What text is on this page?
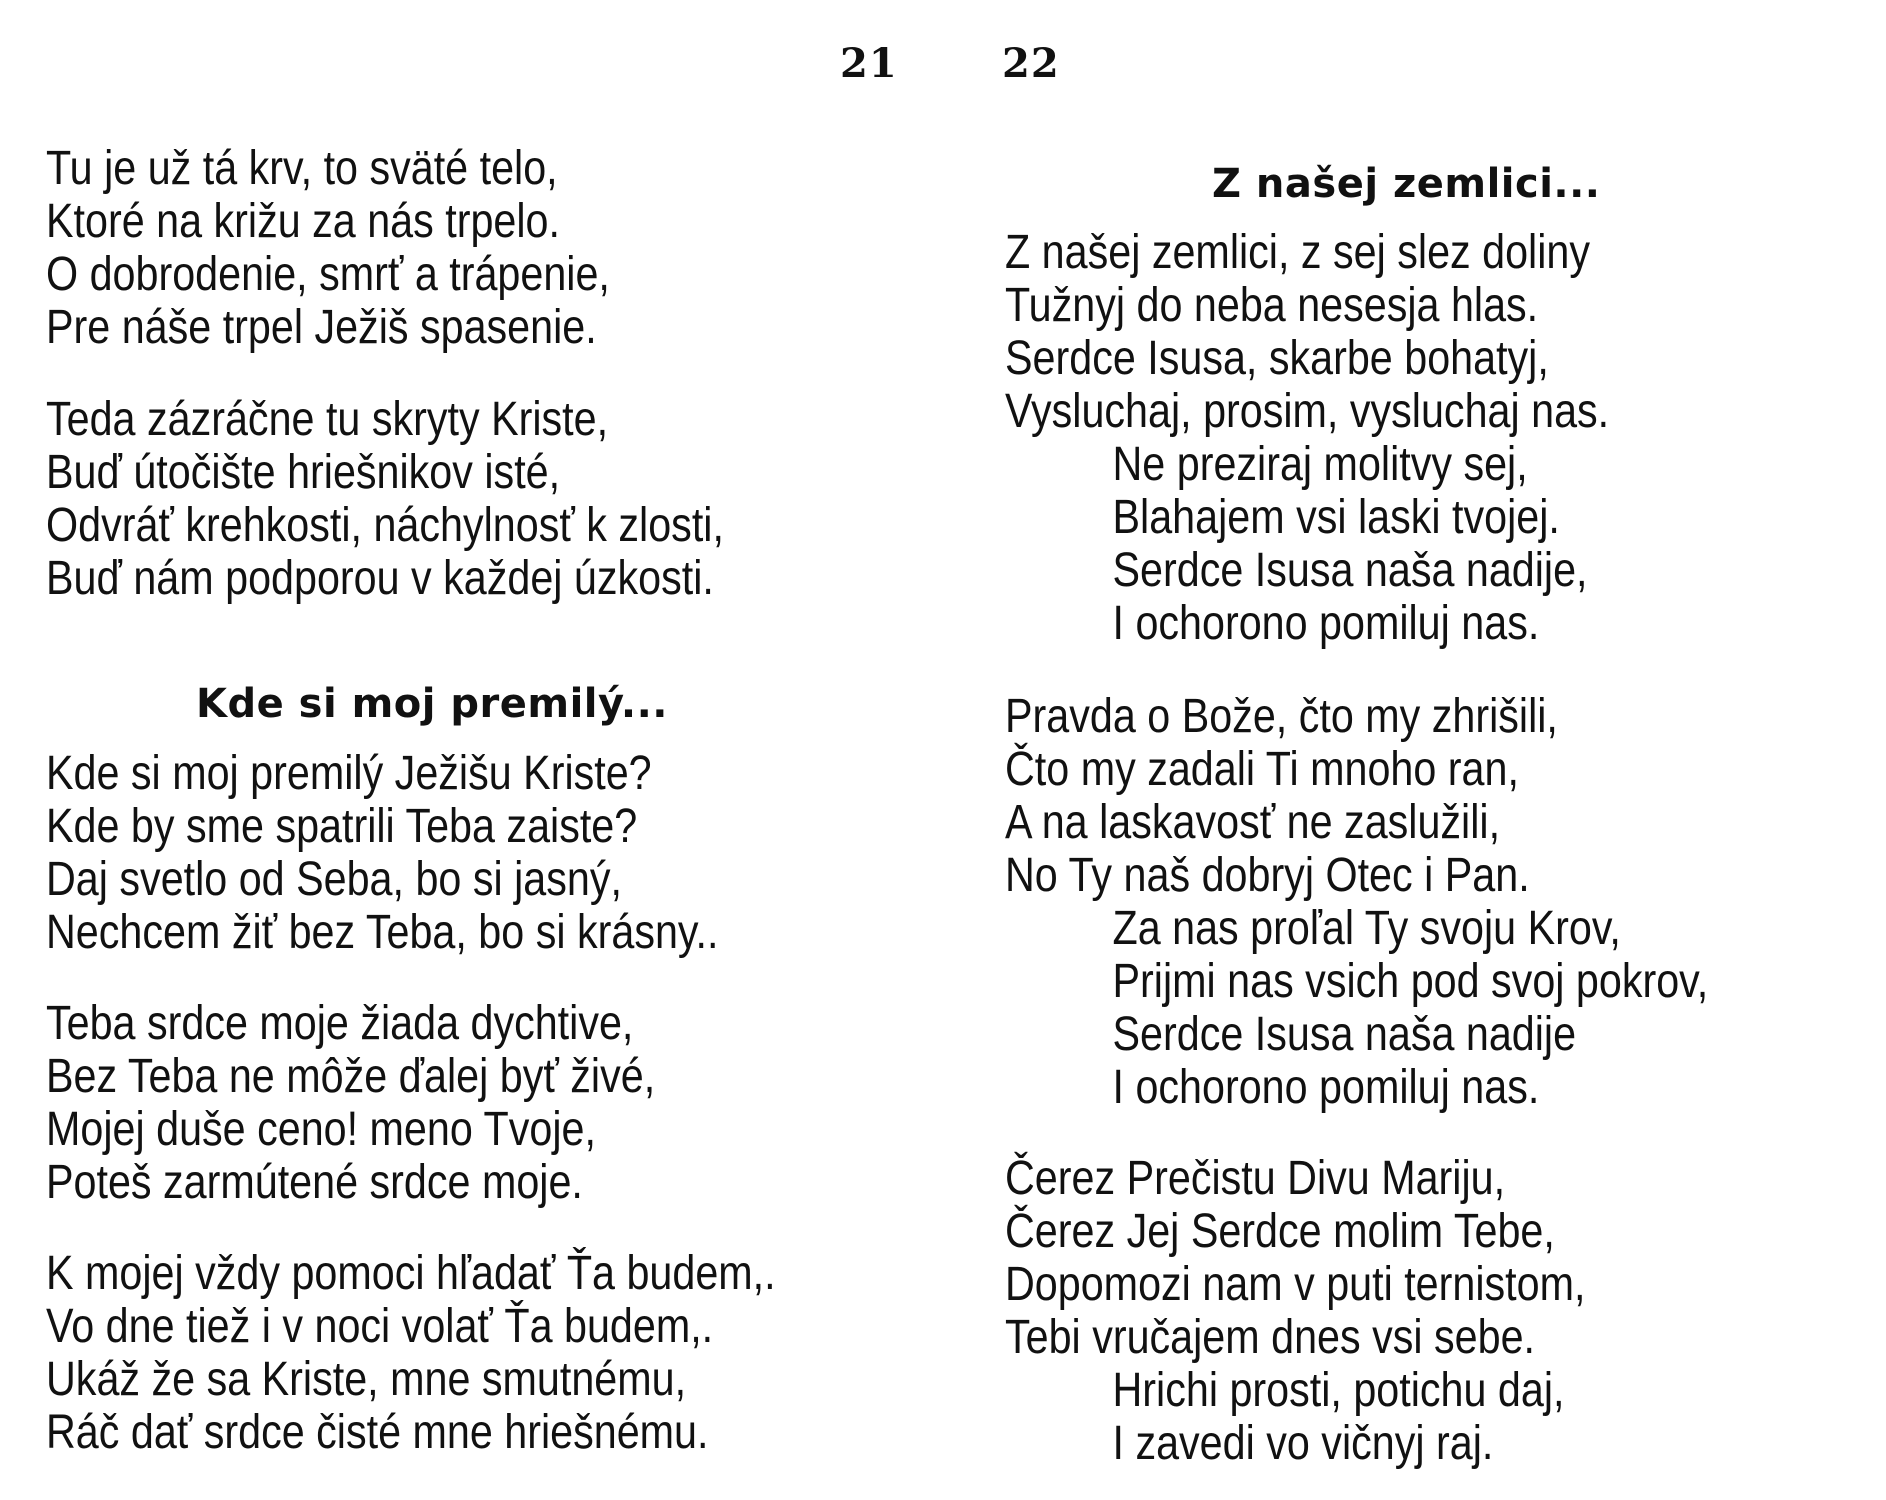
21	22
Tu je už tá krv, to sväté telo,
Ktoré na križu za nás trpelo.
O dobrodenie, smrť a trápenie,
Pre náše trpel Ježiš spasenie.
Teda zázráčne tu skryty Kriste,
Buď útočište hriešnikov isté,
Odvráť krehkosti, náchylnosť k zlosti,
Buď nám podporou v každej úzkosti.
Kde si moj premilý...
Kde si moj premilý Ježišu Kriste?
Kde by sme spatrili Teba zaiste?
Daj svetlo od Seba, bo si jasný,
Nechcem žiť bez Teba, bo si krásny..
Teba srdce moje žiada dychtive,
Bez Teba ne môže ďalej byť živé,
Mojej duše ceno! meno Tvoje,
Poteš zarmútené srdce moje.
K mojej vždy pomoci hľadať Ťa budem,.
Vo dne tiež i v noci volať Ťa budem,.
Ukáž že sa Kriste, mne smutnému,
Ráč dať srdce čisté mne hriešnému.
Z našej zemlici...
Z našej zemlici, z sej slez doliny
Tužnyj do neba nesesja hlas.
Serdce Isusa, skarbe bohatyj,
Vysluchaj, prosim, vysluchaj nas.
Ne preziraj molitvy sej,
Blahajem vsi laski tvojej.
Serdce Isusa naša nadije,
I ochorono pomiluj nas.
Pravda o Bože, čto my zhrišili,
Čto my zadali Ti mnoho ran,
A na laskavosť ne zaslužili,
No Ty naš dobryj Otec i Pan.
Za nas proľal Ty svoju Krov,
Prijmi nas vsich pod svoj pokrov,
Serdce Isusa naša nadije
I ochorono pomiluj nas.
Čerez Prečistu Divu Mariju,
Čerez Jej Serdce molim Tebe,
Dopomozi nam v puti ternistom,
Tebi vručajem dnes vsi sebe.
Hrichi prosti, potichu daj,
I zavedi vo vičnyj raj.
